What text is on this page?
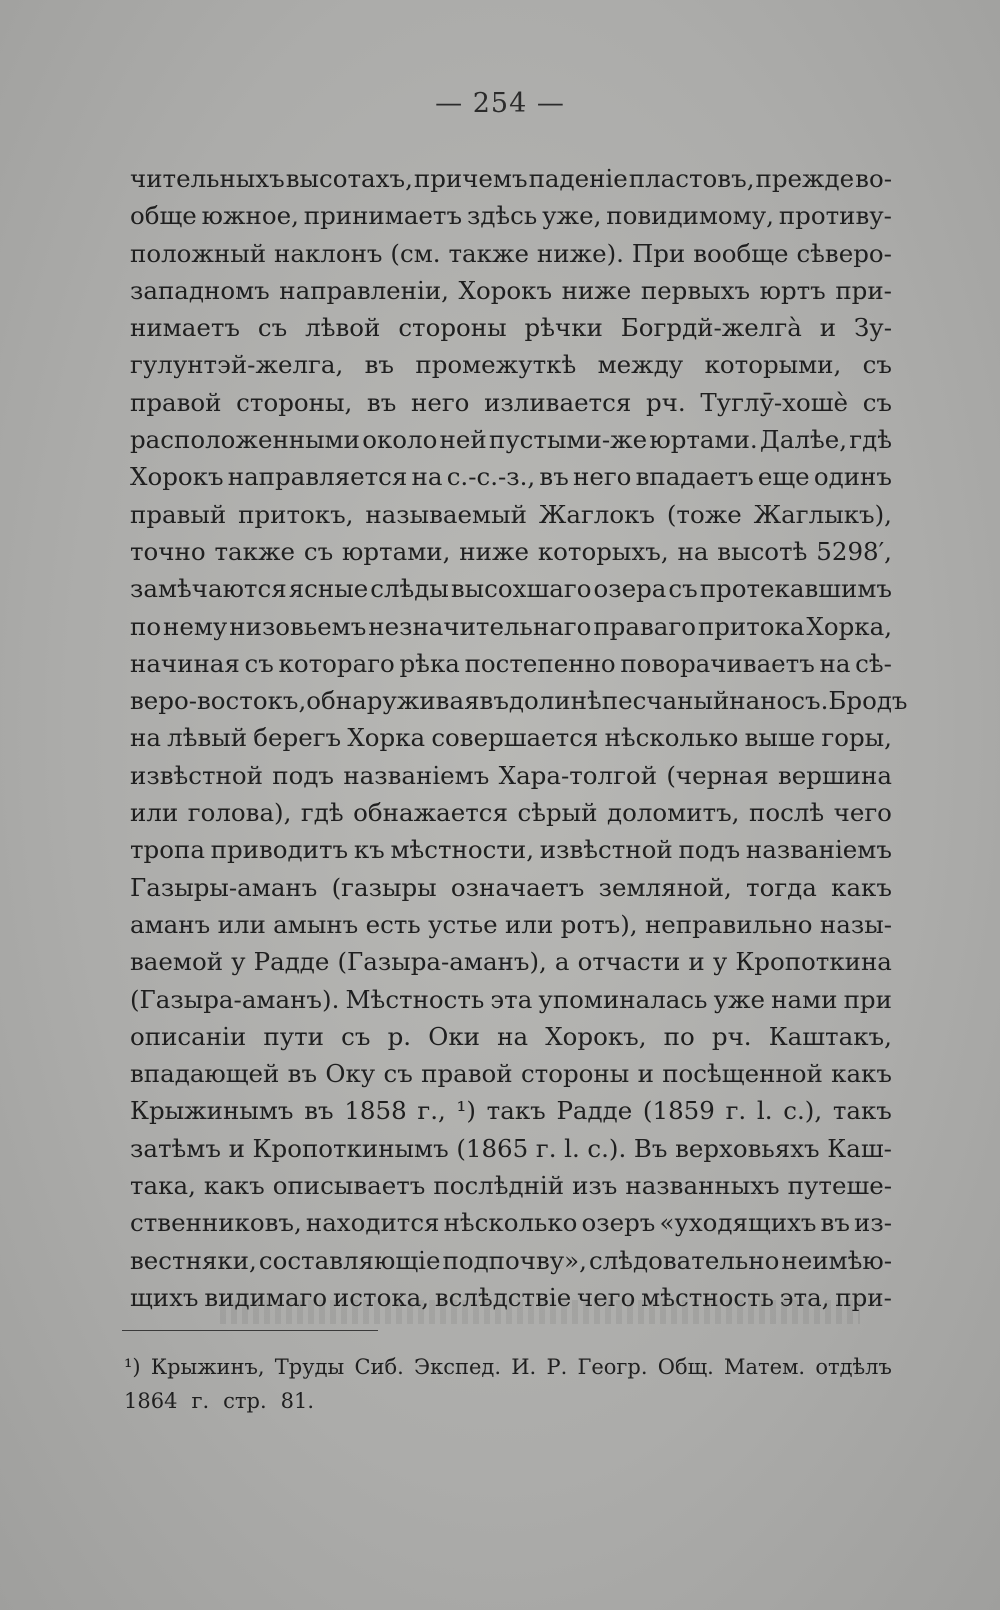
— 254 —
чительныхъ высотахъ, причемъ паденіе пластовъ, прежде во-
обще южное, принимаетъ здѣсь уже, повидимому, противу-
положный наклонъ (см. также ниже). При вообще сѣверо-
западномъ направленіи, Хорокъ ниже первыхъ юртъ при-
нимаетъ съ лѣвой стороны рѣчки Богрдй-желгà и Зу-
гулунтэй-желга, въ промежуткѣ между которыми, съ
правой стороны, въ него изливается рч. Туглӯ-хошѐ съ
расположенными около ней пустыми-же юртами. Далѣе, гдѣ
Хорокъ направляется на с.-с.-з., въ него впадаетъ еще одинъ
правый притокъ, называемый Жаглокъ (тоже Жаглыкъ),
точно также съ юртами, ниже которыхъ, на высотѣ 5298′,
замѣчаются ясные слѣды высохшаго озера съ протекавшимъ
по нему низовьемъ незначительнаго праваго притока Хорка,
начиная съ котораго рѣка постепенно поворачиваетъ на сѣ-
веро-востокъ, обнаруживая въ долинѣ песчаный наносъ. Бродъ
на лѣвый берегъ Хорка совершается нѣсколько выше горы,
извѣстной подъ названіемъ Хара-толгой (черная вершина
или голова), гдѣ обнажается сѣрый доломитъ, послѣ чего
тропа приводитъ къ мѣстности, извѣстной подъ названіемъ
Газыры-аманъ (газыры означаетъ земляной, тогда какъ
аманъ или амынъ есть устье или ротъ), неправильно назы-
ваемой у Радде (Газыра-аманъ), а отчасти и у Кропоткина
(Газыра-аманъ). Мѣстность эта упоминалась уже нами при
описаніи пути съ р. Оки на Хорокъ, по рч. Каштакъ,
впадающей въ Оку съ правой стороны и посѣщенной какъ
Крыжинымъ въ 1858 г., ¹) такъ Радде (1859 г. l. c.), такъ
затѣмъ и Кропоткинымъ (1865 г. l. c.). Въ верховьяхъ Каш-
така, какъ описываетъ послѣдній изъ названныхъ путеше-
ственниковъ, находится нѣсколько озеръ «уходящихъ въ из-
вестняки, составляющіе подпочву», слѣдовательно неимѣю-
щихъ видимаго истока, вслѣдствіе чего мѣстность эта, при-
¹) Крыжинъ, Труды Сиб. Экспед. И. Р. Геогр. Общ. Матем. отдѣлъ
1864 г. стр. 81.
